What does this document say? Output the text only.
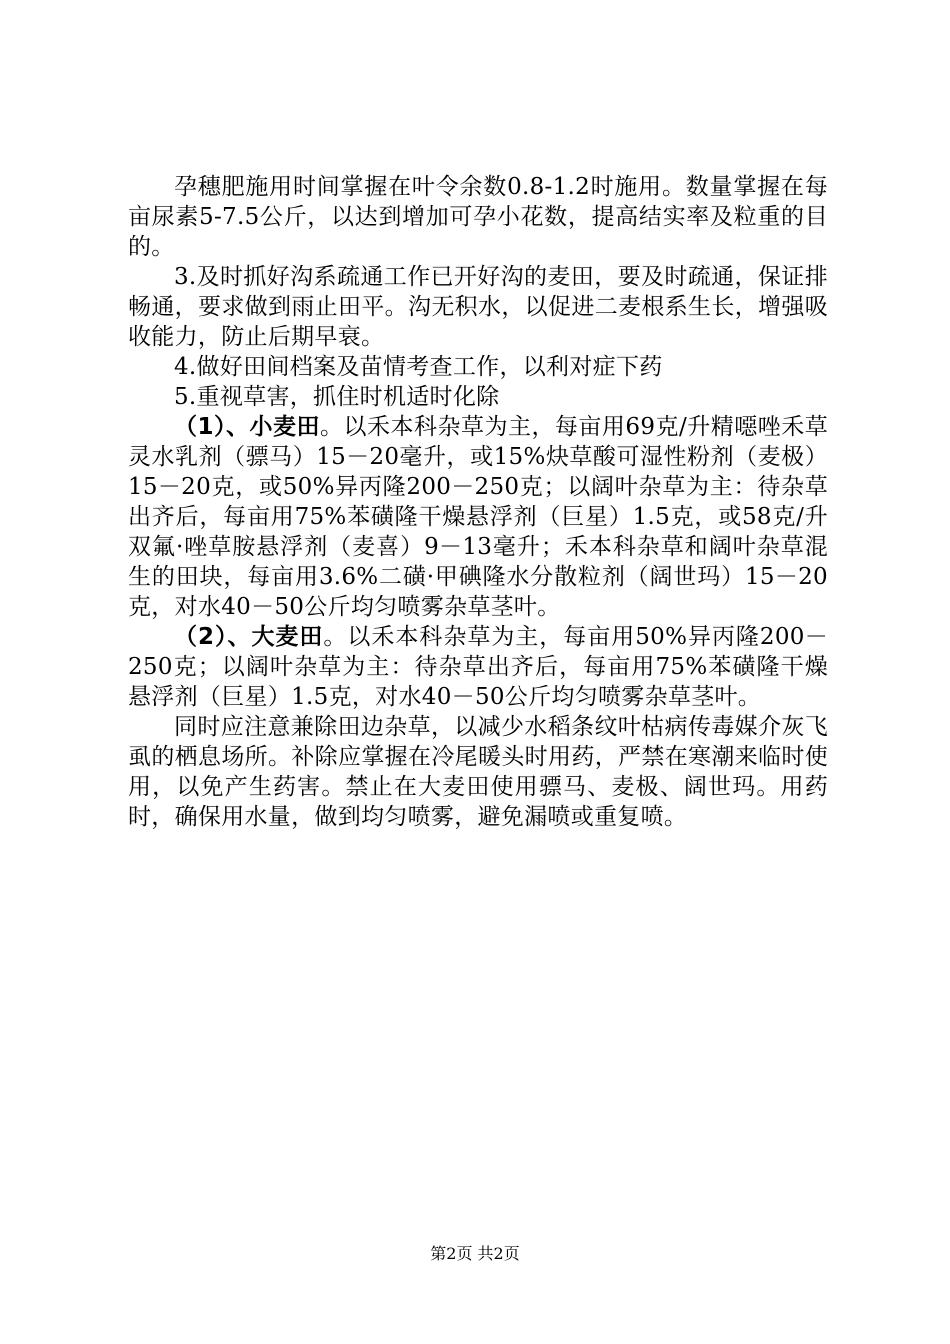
孕穗肥施用时间掌握在叶令余数0.8-1.2时施用。数量掌握在每亩尿素5-7.5公斤，以达到增加可孕小花数，提高结实率及粒重的目的。

3.及时抓好沟系疏通工作已开好沟的麦田，要及时疏通，保证排畅通，要求做到雨止田平。沟无积水，以促进二麦根系生长，增强吸收能力，防止后期早衰。

4.做好田间档案及苗情考查工作，以利对症下药

5.重视草害，抓住时机适时化除

（1）、小麦田。以禾本科杂草为主，每亩用69克/升精噁唑禾草灵水乳剂（骠马）15－20毫升，或15%炔草酸可湿性粉剂（麦极）15－20克，或50%异丙隆200－250克；以阔叶杂草为主：待杂草出齐后，每亩用75%苯磺隆干燥悬浮剂（巨星）1.5克，或58克/升双氟·唑草胺悬浮剂（麦喜）9－13毫升；禾本科杂草和阔叶杂草混生的田块，每亩用3.6%二磺·甲碘隆水分散粒剂（阔世玛）15－20克，对水40－50公斤均匀喷雾杂草茎叶。

（2）、大麦田。以禾本科杂草为主，每亩用50%异丙隆200－250克；以阔叶杂草为主：待杂草出齐后，每亩用75%苯磺隆干燥悬浮剂（巨星）1.5克，对水40－50公斤均匀喷雾杂草茎叶。

同时应注意兼除田边杂草，以减少水稻条纹叶枯病传毒媒介灰飞虱的栖息场所。补除应掌握在冷尾暖头时用药，严禁在寒潮来临时使用，以免产生药害。禁止在大麦田使用骠马、麦极、阔世玛。用药时，确保用水量，做到均匀喷雾，避免漏喷或重复喷。

第2页 共2页
